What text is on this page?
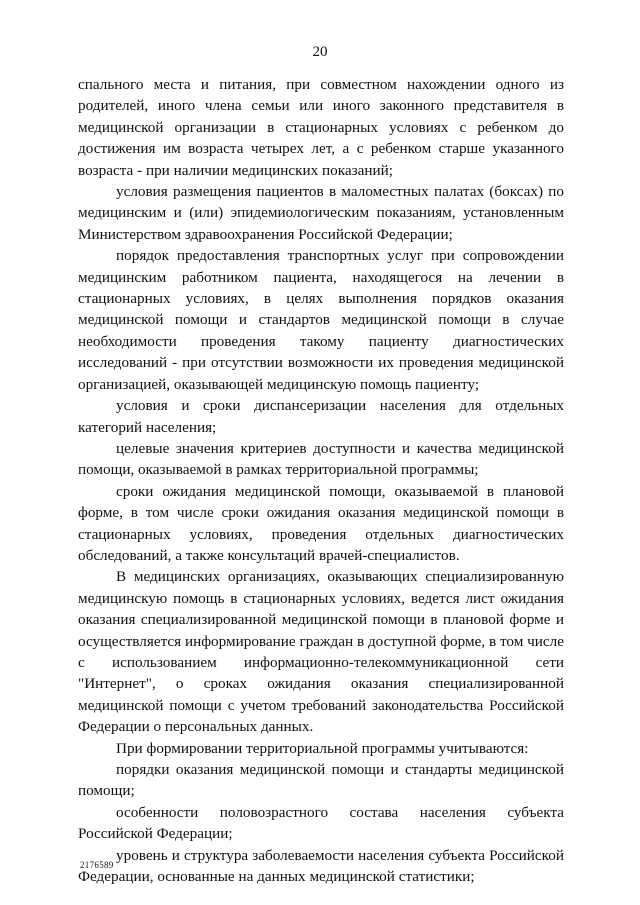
20

спального места и питания, при совместном нахождении одного из родителей, иного члена семьи или иного законного представителя в медицинской организации в стационарных условиях с ребенком до достижения им возраста четырех лет, а с ребенком старше указанного возраста - при наличии медицинских показаний;

условия размещения пациентов в маломестных палатах (боксах) по медицинским и (или) эпидемиологическим показаниям, установленным Министерством здравоохранения Российской Федерации;

порядок предоставления транспортных услуг при сопровождении медицинским работником пациента, находящегося на лечении в стационарных условиях, в целях выполнения порядков оказания медицинской помощи и стандартов медицинской помощи в случае необходимости проведения такому пациенту диагностических исследований - при отсутствии возможности их проведения медицинской организацией, оказывающей медицинскую помощь пациенту;

условия и сроки диспансеризации населения для отдельных категорий населения;

целевые значения критериев доступности и качества медицинской помощи, оказываемой в рамках территориальной программы;

сроки ожидания медицинской помощи, оказываемой в плановой форме, в том числе сроки ожидания оказания медицинской помощи в стационарных условиях, проведения отдельных диагностических обследований, а также консультаций врачей-специалистов.

В медицинских организациях, оказывающих специализированную медицинскую помощь в стационарных условиях, ведется лист ожидания оказания специализированной медицинской помощи в плановой форме и осуществляется информирование граждан в доступной форме, в том числе с использованием информационно-телекоммуникационной сети "Интернет", о сроках ожидания оказания специализированной медицинской помощи с учетом требований законодательства Российской Федерации о персональных данных.

При формировании территориальной программы учитываются:

порядки оказания медицинской помощи и стандарты медицинской помощи;

особенности половозрастного состава населения субъекта Российской Федерации;

уровень и структура заболеваемости населения субъекта Российской Федерации, основанные на данных медицинской статистики;

2176589
